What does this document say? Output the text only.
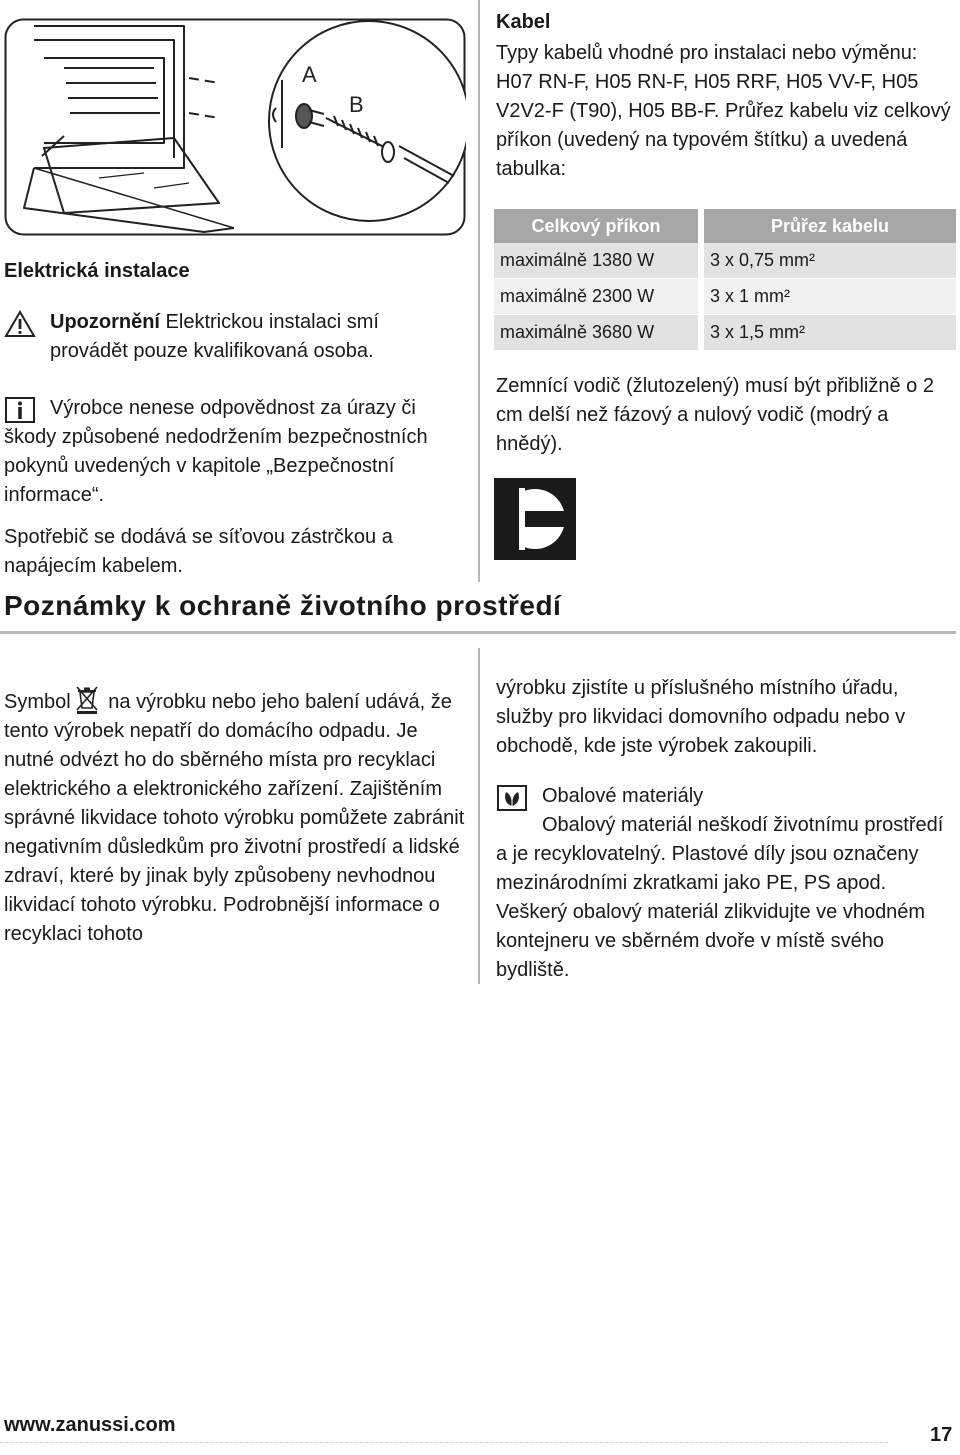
A
B
Elektrická instalace
Upozornění Elektrickou instalaci smí provádět pouze kvalifikovaná osoba.
Výrobce nenese odpovědnost za úrazy či škody způsobené nedodržením bezpečnostních pokynů uvedených v kapitole „Bezpečnostní informace“.
Spotřebič se dodává se síťovou zástrčkou a napájecím kabelem.
Kabel
Typy kabelů vhodné pro instalaci nebo výměnu: H07 RN-F, H05 RN-F, H05 RRF, H05 VV-F, H05 V2V2-F (T90), H05 BB-F. Průřez kabelu viz celkový příkon (uvedený na typovém štítku) a uvedená tabulka:
Celkový příkon	Průřez kabelu
maximálně 1380 W	3 x 0,75 mm²
maximálně 2300 W	3 x 1 mm²
maximálně 3680 W	3 x 1,5 mm²
Zemnící vodič (žlutozelený) musí být přibližně o 2 cm delší než fázový a nulový vodič (modrý a hnědý).
Poznámky k ochraně životního prostředí
Symbol na výrobku nebo jeho balení udává, že tento výrobek nepatří do domácího odpadu. Je nutné odvézt ho do sběrného místa pro recyklaci elektrického a elektronického zařízení. Zajištěním správné likvidace tohoto výrobku pomůžete zabránit negativním důsledkům pro životní prostředí a lidské zdraví, které by jinak byly způsobeny nevhodnou likvidací tohoto výrobku. Podrobnější informace o recyklaci tohoto
výrobku zjistíte u příslušného místního úřadu, služby pro likvidaci domovního odpadu nebo v obchodě, kde jste výrobek zakoupili.
Obalové materiály
Obalový materiál neškodí životnímu prostředí a je recyklovatelný. Plastové díly jsou označeny mezinárodními zkratkami jako PE, PS apod. Veškerý obalový materiál zlikvidujte ve vhodném kontejneru ve sběrném dvoře v místě svého bydliště.
www.zanussi.com	17
